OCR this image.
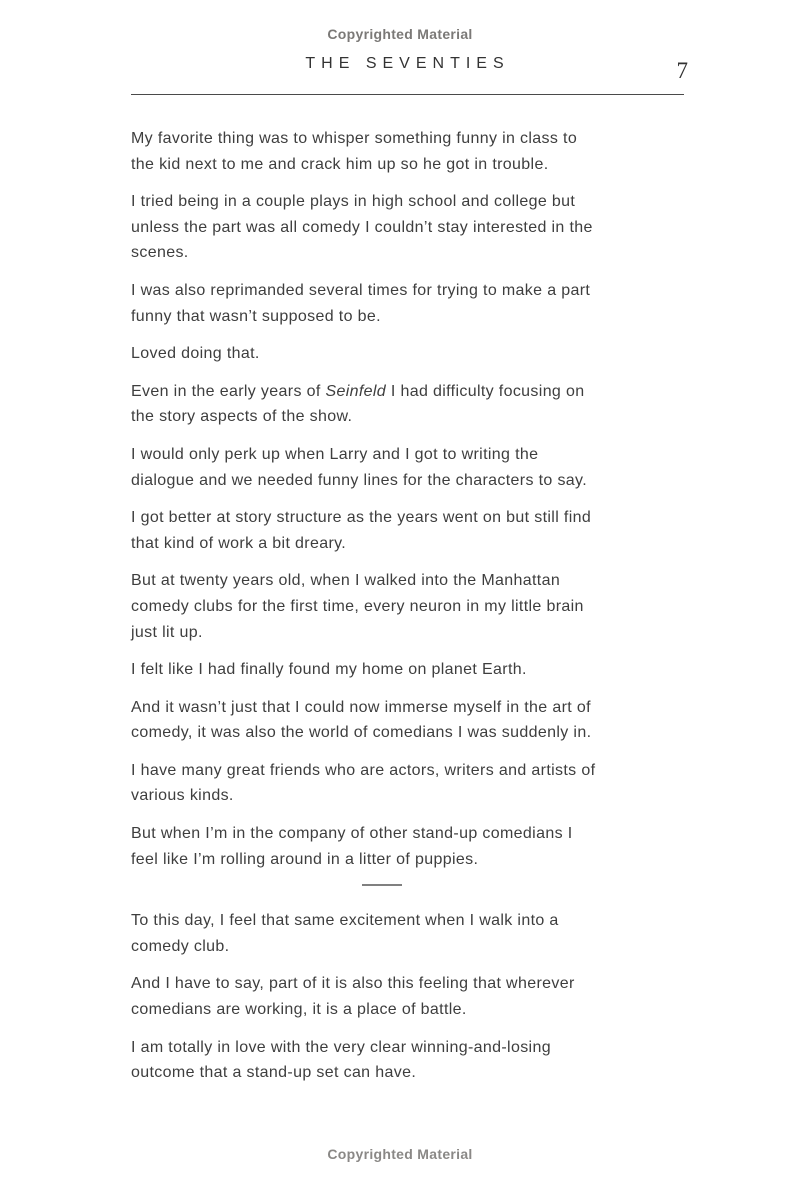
Copyrighted Material
THE SEVENTIES	7

My favorite thing was to whisper something funny in class to
the kid next to me and crack him up so he got in trouble.

I tried being in a couple plays in high school and college but
unless the part was all comedy I couldn’t stay interested in the
scenes.

I was also reprimanded several times for trying to make a part
funny that wasn’t supposed to be.

Loved doing that.

Even in the early years of Seinfeld I had difficulty focusing on
the story aspects of the show.

I would only perk up when Larry and I got to writing the
dialogue and we needed funny lines for the characters to say.

I got better at story structure as the years went on but still find
that kind of work a bit dreary.

But at twenty years old, when I walked into the Manhattan
comedy clubs for the first time, every neuron in my little brain
just lit up.

I felt like I had finally found my home on planet Earth.

And it wasn’t just that I could now immerse myself in the art of
comedy, it was also the world of comedians I was suddenly in.

I have many great friends who are actors, writers and artists of
various kinds.

But when I’m in the company of other stand-up comedians I
feel like I’m rolling around in a litter of puppies.

To this day, I feel that same excitement when I walk into a
comedy club.

And I have to say, part of it is also this feeling that wherever
comedians are working, it is a place of battle.

I am totally in love with the very clear winning-and-losing
outcome that a stand-up set can have.

Copyrighted Material
